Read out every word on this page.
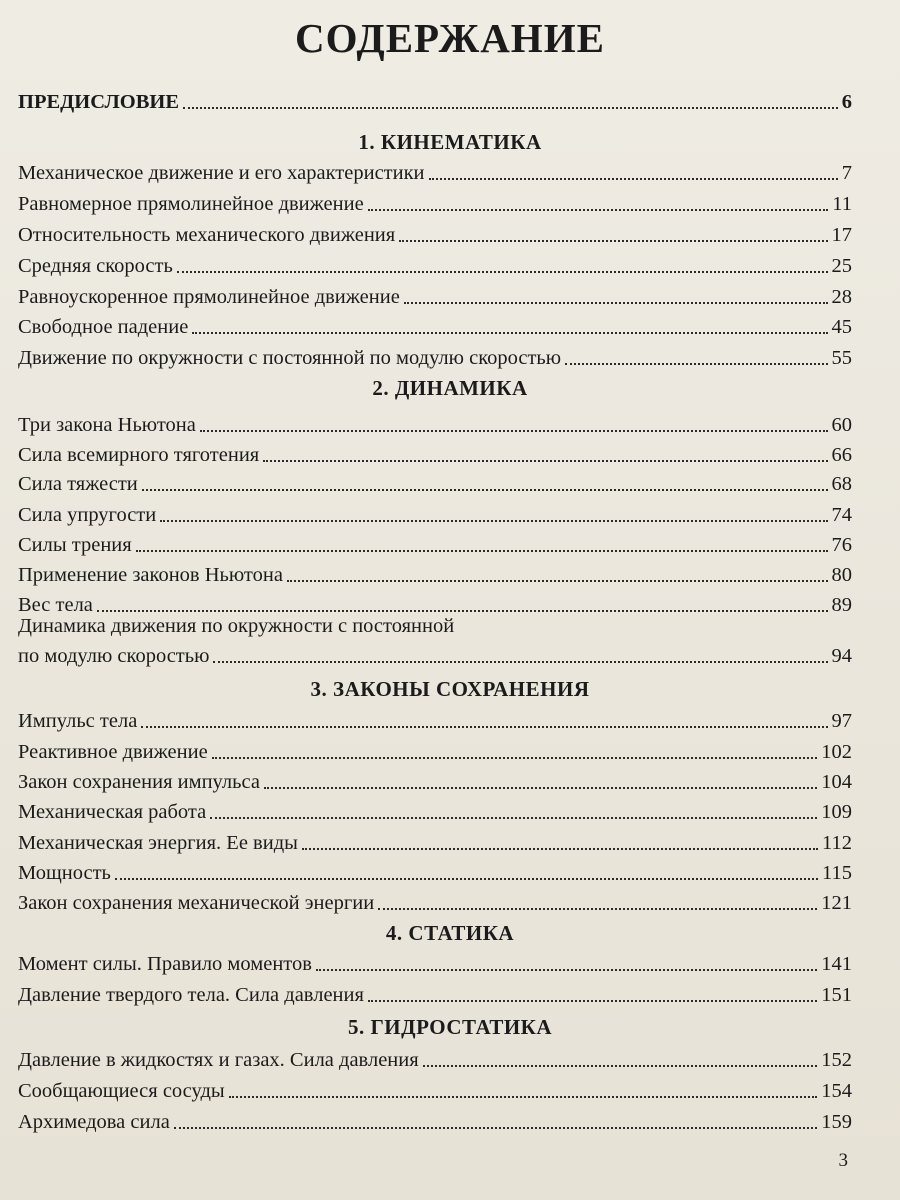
СОДЕРЖАНИЕ
ПРЕДИСЛОВИЕ	6
1. КИНЕМАТИКА
Механическое движение и его характеристики	7
Равномерное прямолинейное движение	11
Относительность механического движения	17
Средняя скорость	25
Равноускоренное прямолинейное движение	28
Свободное падение	45
Движение по окружности с постоянной по модулю скоростью	55
2. ДИНАМИКА
Три закона Ньютона	60
Сила всемирного тяготения	66
Сила тяжести	68
Сила упругости	74
Силы трения	76
Применение законов Ньютона	80
Вес тела	89
Динамика движения по окружности с постоянной
по модулю скоростью	94
3. ЗАКОНЫ СОХРАНЕНИЯ
Импульс тела	97
Реактивное движение	102
Закон сохранения импульса	104
Механическая работа	109
Механическая энергия. Ее виды	112
Мощность	115
Закон сохранения механической энергии	121
4. СТАТИКА
Момент силы. Правило моментов	141
Давление твердого тела. Сила давления	151
5. ГИДРОСТАТИКА
Давление в жидкостях и газах. Сила давления	152
Сообщающиеся сосуды	154
Архимедова сила	159
3
